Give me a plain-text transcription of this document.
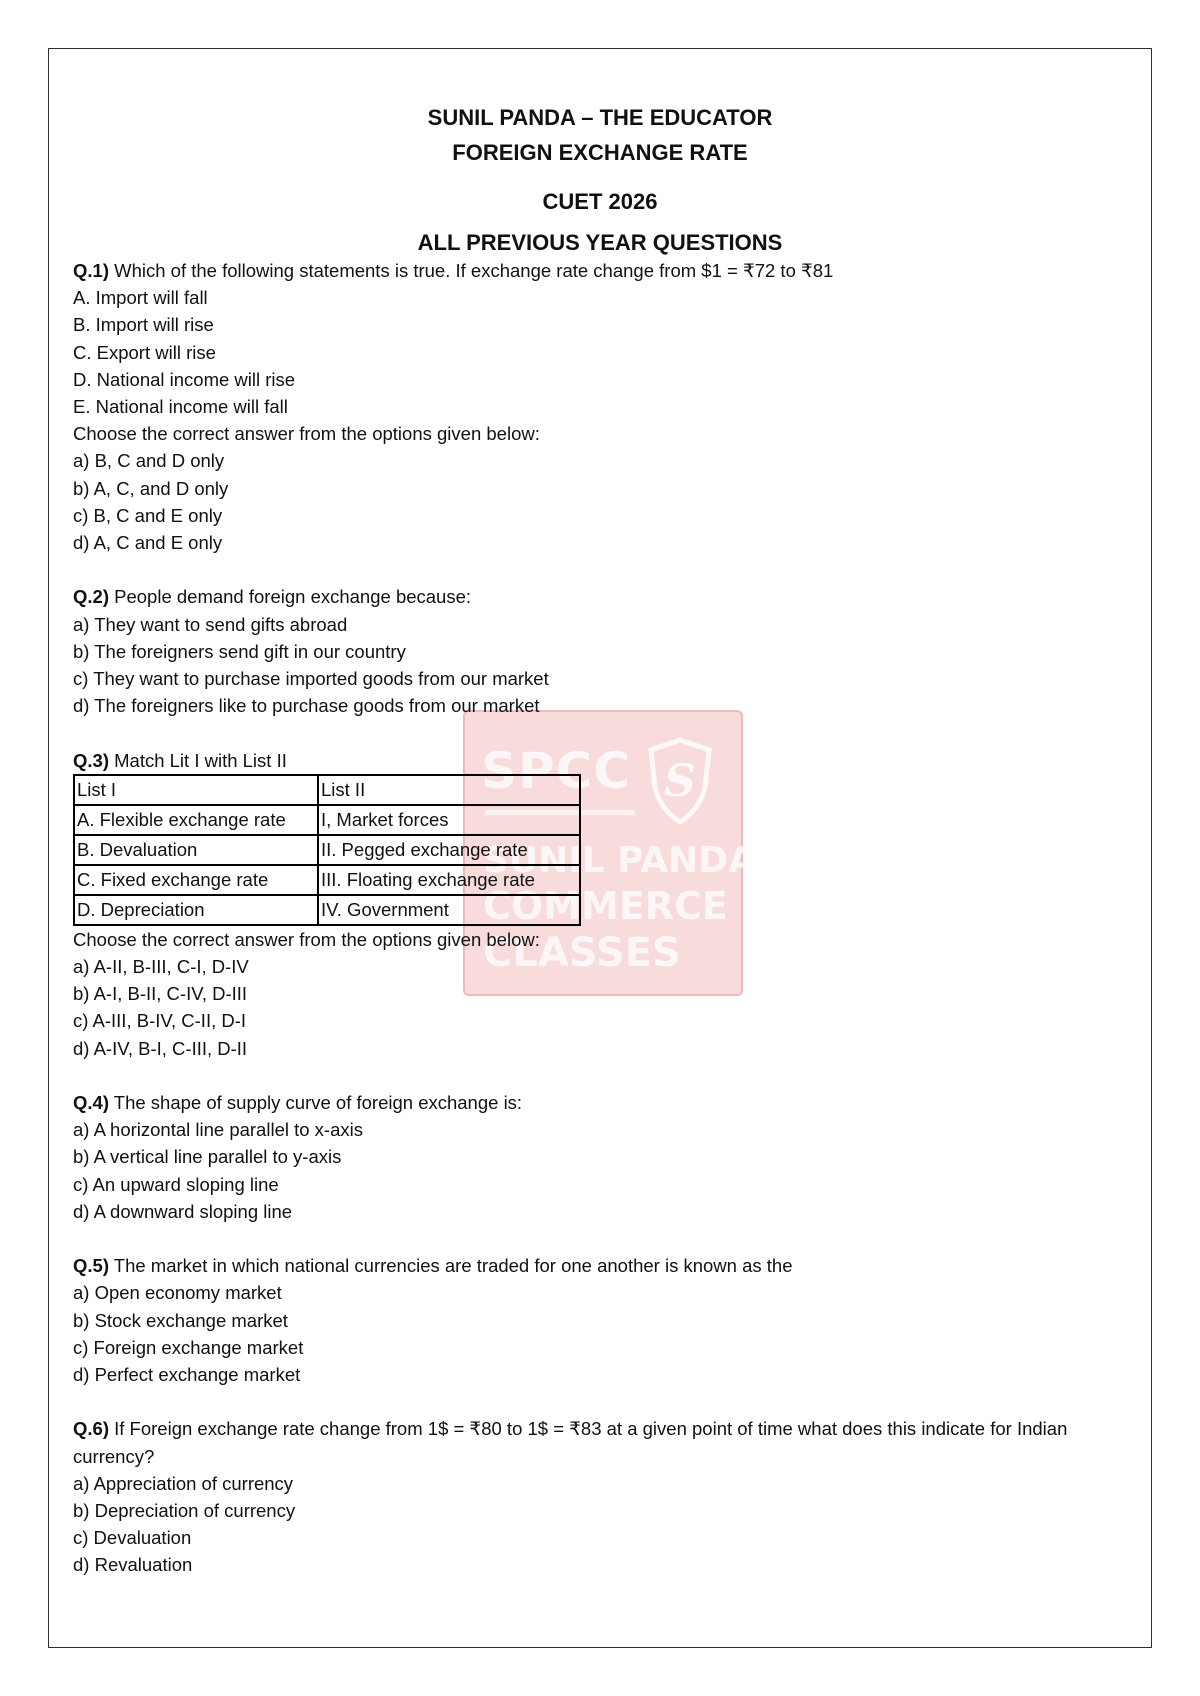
SPCC S
SUNIL PANDA
COMMERCE
CLASSES
SUNIL PANDA – THE EDUCATOR
FOREIGN EXCHANGE RATE
CUET 2026
ALL PREVIOUS YEAR QUESTIONS
Q.1) Which of the following statements is true. If exchange rate change from $1 = ₹72 to ₹81
A. Import will fall
B. Import will rise
C. Export will rise
D. National income will rise
E. National income will fall
Choose the correct answer from the options given below:
a) B, C and D only
b) A, C, and D only
c) B, C and E only
d) A, C and E only
Q.2) People demand foreign exchange because:
a) They want to send gifts abroad
b) The foreigners send gift in our country
c) They want to purchase imported goods from our market
d) The foreigners like to purchase goods from our market
Q.3) Match Lit I with List II
List I	List II
A. Flexible exchange rate	I, Market forces
B. Devaluation	II. Pegged exchange rate
C. Fixed exchange rate	III. Floating exchange rate
D. Depreciation	IV. Government
Choose the correct answer from the options given below:
a) A-II, B-III, C-I, D-IV
b) A-I, B-II, C-IV, D-III
c) A-III, B-IV, C-II, D-I
d) A-IV, B-I, C-III, D-II
Q.4) The shape of supply curve of foreign exchange is:
a) A horizontal line parallel to x-axis
b) A vertical line parallel to y-axis
c) An upward sloping line
d) A downward sloping line
Q.5) The market in which national currencies are traded for one another is known as the
a) Open economy market
b) Stock exchange market
c) Foreign exchange market
d) Perfect exchange market
Q.6) If Foreign exchange rate change from 1$ = ₹80 to 1$ = ₹83 at a given point of time what does this indicate for Indian currency?
a) Appreciation of currency
b) Depreciation of currency
c) Devaluation
d) Revaluation
